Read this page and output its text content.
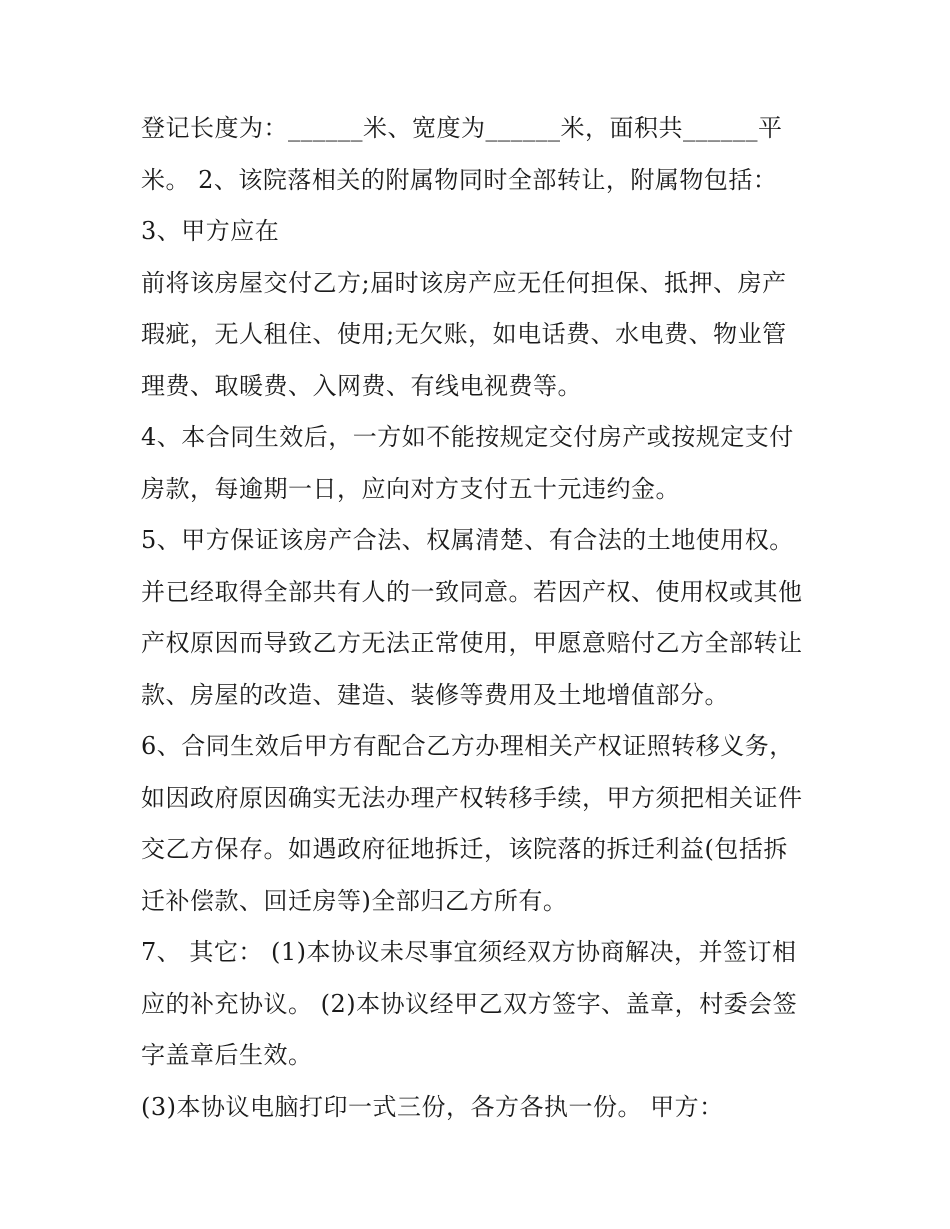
登记长度为：______米、宽度为______米，面积共______平
米。 2、该院落相关的附属物同时全部转让，附属物包括：
3、甲方应在
前将该房屋交付乙方;届时该房产应无任何担保、抵押、房产
瑕疵，无人租住、使用;无欠账，如电话费、水电费、物业管
理费、取暖费、入网费、有线电视费等。
4、本合同生效后，一方如不能按规定交付房产或按规定支付
房款，每逾期一日，应向对方支付五十元违约金。
5、甲方保证该房产合法、权属清楚、有合法的土地使用权。
并已经取得全部共有人的一致同意。若因产权、使用权或其他
产权原因而导致乙方无法正常使用，甲愿意赔付乙方全部转让
款、房屋的改造、建造、装修等费用及土地增值部分。
6、合同生效后甲方有配合乙方办理相关产权证照转移义务，
如因政府原因确实无法办理产权转移手续，甲方须把相关证件
交乙方保存。如遇政府征地拆迁，该院落的拆迁利益(包括拆
迁补偿款、回迁房等)全部归乙方所有。
7、 其它： (1)本协议未尽事宜须经双方协商解决，并签订相
应的补充协议。 (2)本协议经甲乙双方签字、盖章，村委会签
字盖章后生效。
(3)本协议电脑打印一式三份，各方各执一份。 甲方：
